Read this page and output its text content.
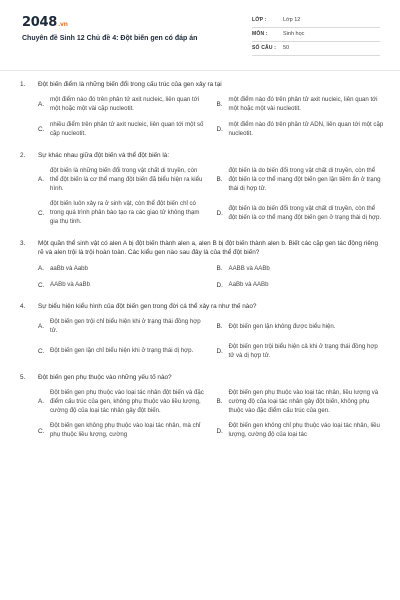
2048.vn
Chuyên đề Sinh 12 Chủ đề 4: Đột biến gen có đáp án
LỚP :	Lớp 12
MÔN :	Sinh học
SỐ CÂU :	50
1.	Đột biến điểm là những biến đổi trong cấu trúc của gen xảy ra tại
A.
một điểm nào đó trên phân tử axit nucleic, liên quan tới một hoặc một vài cặp nucleotit.
B.
một điểm nào đó trên phân tử axit nucleic, liên quan tới một hoặc một vài nucleotit.
C.
nhiều điểm trên phân tử axit nucleic, liên quan tới một số cặp nucleotit.
D.
một điểm nào đó trên phân tử ADN, liên quan tới một cặp nucleotit.
2.	Sự khác nhau giữa đột biến và thể đột biến là:
A.
đột biến là những biến đổi trong vật chất di truyền, còn thể đột biến là cơ thể mang đột biến đã biểu hiện ra kiểu hình.
B.
đột biến là do biến đổi trong vật chất di truyền, còn thể đột biến là cơ thể mang đột biến gen lặn tiềm ẩn ở trạng thái dị hợp tử.
C.
đột biến luôn xảy ra ở sinh vật, còn thể đột biến chỉ có trong quá trình phân bào tạo ra các giao tử không thạm gia thụ tinh.
D.
đột biến là do biến đổi trong vật chất di truyền, còn thể đột biến là cơ thể mang đột biến gen ở trạng thái dị hợp.
3.	Một quần thể sinh vật có alen A bị đột biến thành alen a, alen B bị đột biến thành alen b. Biết các cặp gen tác động riêng rẽ và alen trội là trội hoàn toàn. Các kiểu gen nào sau đây là của thể đột biến?
A. aaBb và Aabb	B. AABB và AABb
C. AABb và AaBb	D. AaBb và AABb
4.	Sự biểu hiện kiểu hình của đột biến gen trong đời cá thể xảy ra như thế nào?
A.
Đột biến gen trội chỉ biểu hiện khi ở trạng thái đồng hợp tử.
B. Đột biến gen lặn không được biểu hiện.
C. Đột biến gen lặn chỉ biểu hiện khi ở trạng thái dị hợp.	D.
Đột biến gen trội biểu hiện cả khi ở trạng thái đồng hợp tử và dị hợp tử.
5.	Đột biến gen phụ thuộc vào những yếu tố nào?
A.
Đột biến gen phụ thuộc vào loại tác nhân đột biến và đặc điểm cấu trúc của gen, không phụ thuộc vào liều lượng, cường độ của loại tác nhân gây đột biến.
B.
Đột biến gen phụ thuộc vào loại tác nhân, liều lượng và cường độ của loại tác nhân gây đột biến, không phụ thuộc vào đặc điểm cấu trúc của gen.
C.
Đột biến gen không phụ thuộc vào loại tác nhân, mà chỉ phụ thuộc liều lượng, cường
D.
Đột biến gen không chỉ phụ thuộc vào loại tác nhân, liều lượng, cường độ của loại tác
